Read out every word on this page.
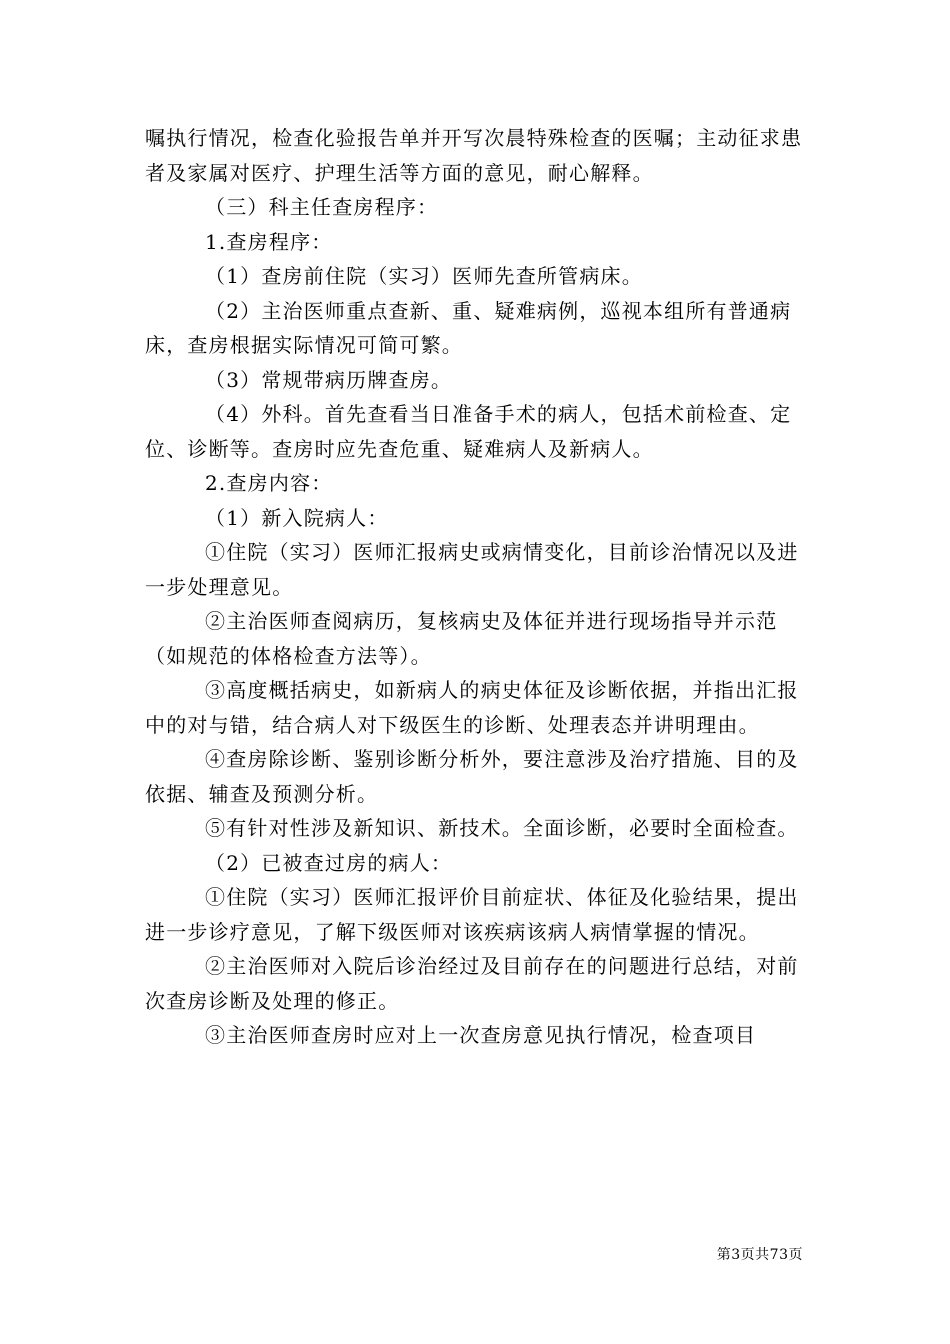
嘱执行情况，检查化验报告单并开写次晨特殊检查的医嘱；主动征求患者及家属对医疗、护理生活等方面的意见，耐心解释。

（三）科主任查房程序：

1.查房程序：

（1）查房前住院（实习）医师先查所管病床。

（2）主治医师重点查新、重、疑难病例，巡视本组所有普通病床，查房根据实际情况可简可繁。

（3）常规带病历牌查房。

（4）外科。首先查看当日准备手术的病人，包括术前检查、定位、诊断等。查房时应先查危重、疑难病人及新病人。

2.查房内容：

（1）新入院病人：

①住院（实习）医师汇报病史或病情变化，目前诊治情况以及进一步处理意见。

②主治医师查阅病历，复核病史及体征并进行现场指导并示范（如规范的体格检查方法等）。

③高度概括病史，如新病人的病史体征及诊断依据，并指出汇报中的对与错，结合病人对下级医生的诊断、处理表态并讲明理由。

④查房除诊断、鉴别诊断分析外，要注意涉及治疗措施、目的及依据、辅查及预测分析。

⑤有针对性涉及新知识、新技术。全面诊断，必要时全面检查。

（2）已被查过房的病人：

①住院（实习）医师汇报评价目前症状、体征及化验结果，提出进一步诊疗意见，了解下级医师对该疾病该病人病情掌握的情况。

②主治医师对入院后诊治经过及目前存在的问题进行总结，对前次查房诊断及处理的修正。

③主治医师查房时应对上一次查房意见执行情况，检查项目

第3页共73页
